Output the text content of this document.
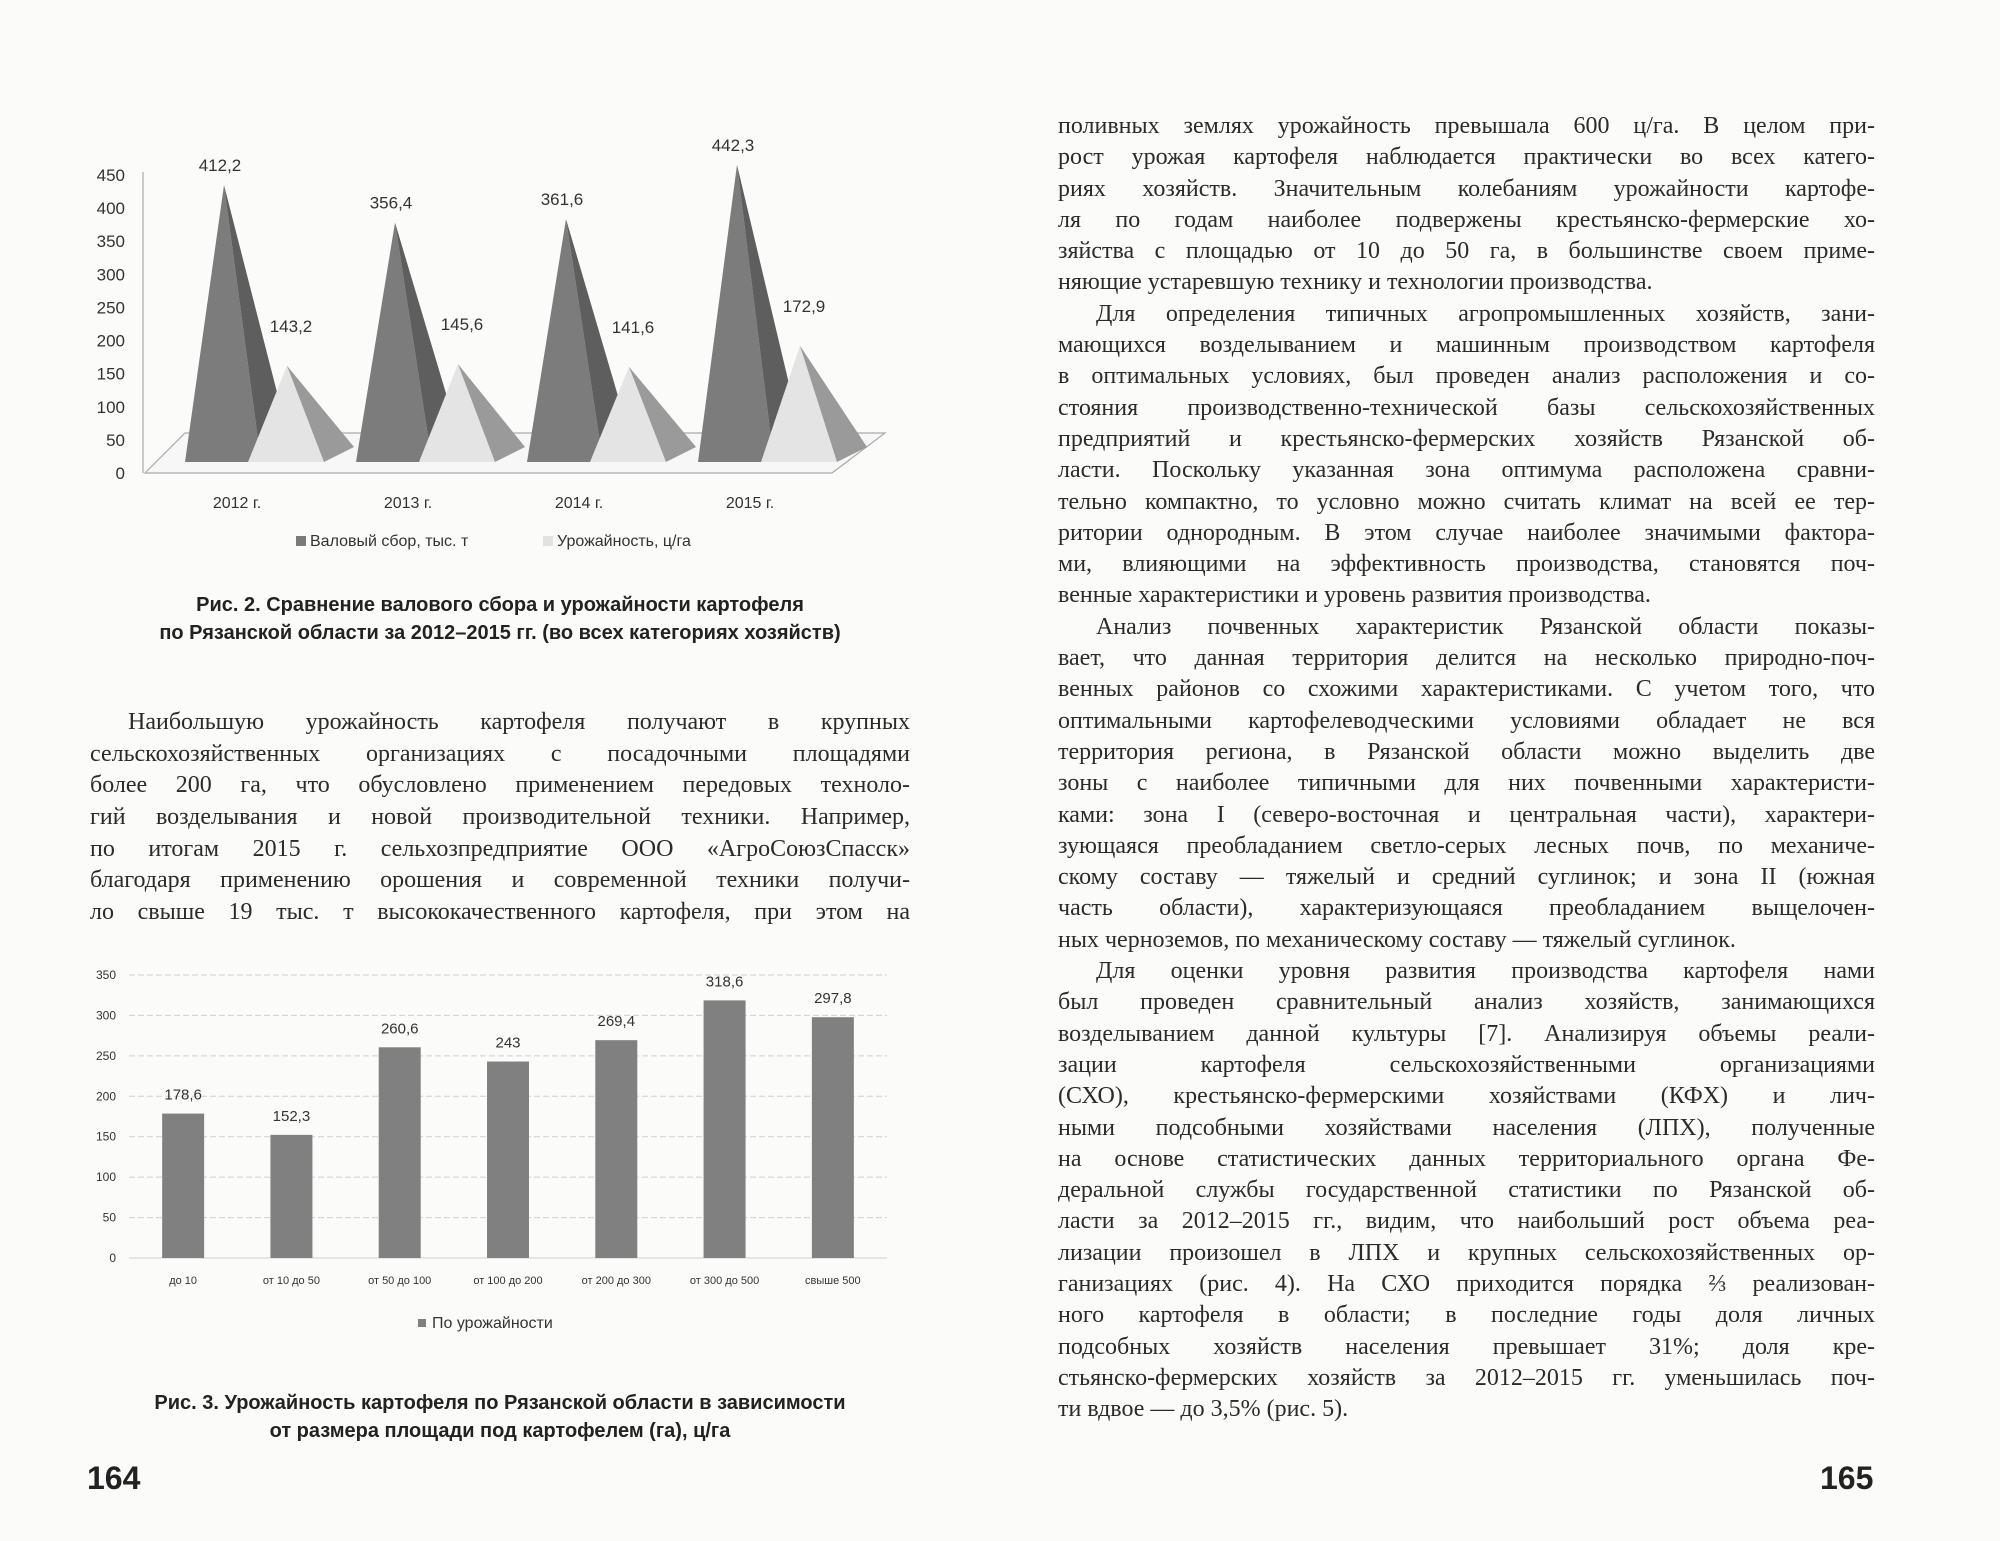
0
50
100
150
200
250
300
350
400
450
412,2
143,2
2012 г.
356,4
145,6
2013 г.
361,6
141,6
2014 г.
442,3
172,9
2015 г.
Валовый сбор, тыс. т	Урожайность, ц/га
0
50
100
150
200
250
300
350
178,6
до 10
152,3
от 10 до 50
260,6
от 50 до 100
243
от 100 до 200
269,4
от 200 до 300
318,6
от 300 до 500
297,8
свыше 500
По урожайности
Рис. 2. Сравнение валового сбора и урожайности картофеля
по Рязанской области за 2012–2015 гг. (во всех категориях хозяйств)
Наибольшую урожайность картофеля получают в крупных
сельскохозяйственных организациях с посадочными площадями
более 200 га, что обусловлено применением передовых техноло-
гий возделывания и новой производительной техники. Например,
по итогам 2015 г. сельхозпредприятие ООО «АгроСоюзСпасск»
благодаря применению орошения и современной техники получи-
ло свыше 19 тыс. т высококачественного картофеля, при этом на
Рис. 3. Урожайность картофеля по Рязанской области в зависимости
от размера площади под картофелем (га), ц/га
поливных землях урожайность превышала 600 ц/га. В целом при-
рост урожая картофеля наблюдается практически во всех катего-
риях хозяйств. Значительным колебаниям урожайности картофе-
ля по годам наиболее подвержены крестьянско-фермерские хо-
зяйства с площадью от 10 до 50 га, в большинстве своем приме-
няющие устаревшую технику и технологии производства.
Для определения типичных агропромышленных хозяйств, зани-
мающихся возделыванием и машинным производством картофеля
в оптимальных условиях, был проведен анализ расположения и со-
стояния производственно-технической базы сельскохозяйственных
предприятий и крестьянско-фермерских хозяйств Рязанской об-
ласти. Поскольку указанная зона оптимума расположена сравни-
тельно компактно, то условно можно считать климат на всей ее тер-
ритории однородным. В этом случае наиболее значимыми фактора-
ми, влияющими на эффективность производства, становятся поч-
венные характеристики и уровень развития производства.
Анализ почвенных характеристик Рязанской области показы-
вает, что данная территория делится на несколько природно-поч-
венных районов со схожими характеристиками. С учетом того, что
оптимальными картофелеводческими условиями обладает не вся
территория региона, в Рязанской области можно выделить две
зоны с наиболее типичными для них почвенными характеристи-
ками: зона I (северо-восточная и центральная части), характери-
зующаяся преобладанием светло-серых лесных почв, по механиче-
скому составу — тяжелый и средний суглинок; и зона II (южная
часть области), характеризующаяся преобладанием выщелочен-
ных черноземов, по механическому составу — тяжелый суглинок.
Для оценки уровня развития производства картофеля нами
был проведен сравнительный анализ хозяйств, занимающихся
возделыванием данной культуры [7]. Анализируя объемы реали-
зации картофеля сельскохозяйственными организациями
(СХО), крестьянско-фермерскими хозяйствами (КФХ) и лич-
ными подсобными хозяйствами населения (ЛПХ), полученные
на основе статистических данных территориального органа Фе-
деральной службы государственной статистики по Рязанской об-
ласти за 2012–2015 гг., видим, что наибольший рост объема реа-
лизации произошел в ЛПХ и крупных сельскохозяйственных ор-
ганизациях (рис. 4). На СХО приходится порядка ⅔ реализован-
ного картофеля в области; в последние годы доля личных
подсобных хозяйств населения превышает 31%; доля кре-
стьянско-фермерских хозяйств за 2012–2015 гг. уменьшилась поч-
ти вдвое — до 3,5% (рис. 5).
164	165
